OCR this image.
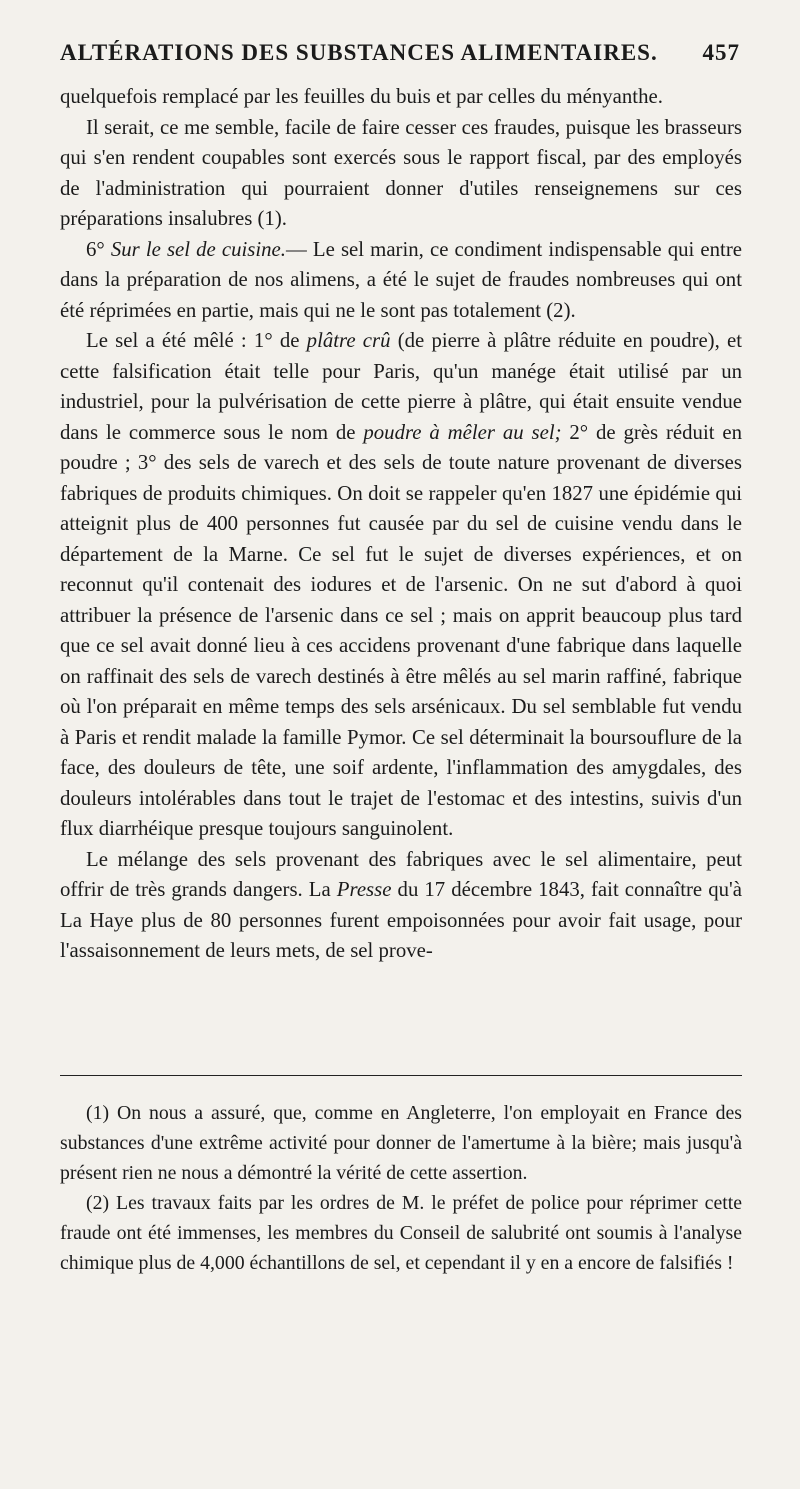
ALTÉRATIONS DES SUBSTANCES ALIMENTAIRES. 457

quelquefois remplacé par les feuilles du buis et par celles du ményanthe.

Il serait, ce me semble, facile de faire cesser ces fraudes, puisque les brasseurs qui s'en rendent coupables sont exercés sous le rapport fiscal, par des employés de l'administration qui pourraient donner d'utiles renseignemens sur ces préparations insalubres (1).

6° Sur le sel de cuisine.— Le sel marin, ce condiment indispensable qui entre dans la préparation de nos alimens, a été le sujet de fraudes nombreuses qui ont été réprimées en partie, mais qui ne le sont pas totalement (2).

Le sel a été mêlé : 1° de plâtre crû (de pierre à plâtre réduite en poudre), et cette falsification était telle pour Paris, qu'un manége était utilisé par un industriel, pour la pulvérisation de cette pierre à plâtre, qui était ensuite vendue dans le commerce sous le nom de poudre à mêler au sel; 2° de grès réduit en poudre ; 3° des sels de varech et des sels de toute nature provenant de diverses fabriques de produits chimiques. On doit se rappeler qu'en 1827 une épidémie qui atteignit plus de 400 personnes fut causée par du sel de cuisine vendu dans le département de la Marne. Ce sel fut le sujet de diverses expériences, et on reconnut qu'il contenait des iodures et de l'arsenic. On ne sut d'abord à quoi attribuer la présence de l'arsenic dans ce sel ; mais on apprit beaucoup plus tard que ce sel avait donné lieu à ces accidens provenant d'une fabrique dans laquelle on raffinait des sels de varech destinés à être mêlés au sel marin raffiné, fabrique où l'on préparait en même temps des sels arsénicaux. Du sel semblable fut vendu à Paris et rendit malade la famille Pymor. Ce sel déterminait la boursouflure de la face, des douleurs de tête, une soif ardente, l'inflammation des amygdales, des douleurs intolérables dans tout le trajet de l'estomac et des intestins, suivis d'un flux diarrhéique presque toujours sanguinolent.

Le mélange des sels provenant des fabriques avec le sel alimentaire, peut offrir de très grands dangers. La Presse du 17 décembre 1843, fait connaître qu'à La Haye plus de 80 personnes furent empoisonnées pour avoir fait usage, pour l'assaisonnement de leurs mets, de sel prove-

(1) On nous a assuré, que, comme en Angleterre, l'on employait en France des substances d'une extrême activité pour donner de l'amertume à la bière; mais jusqu'à présent rien ne nous a démontré la vérité de cette assertion.

(2) Les travaux faits par les ordres de M. le préfet de police pour réprimer cette fraude ont été immenses, les membres du Conseil de salubrité ont soumis à l'analyse chimique plus de 4,000 échantillons de sel, et cependant il y en a encore de falsifiés !
